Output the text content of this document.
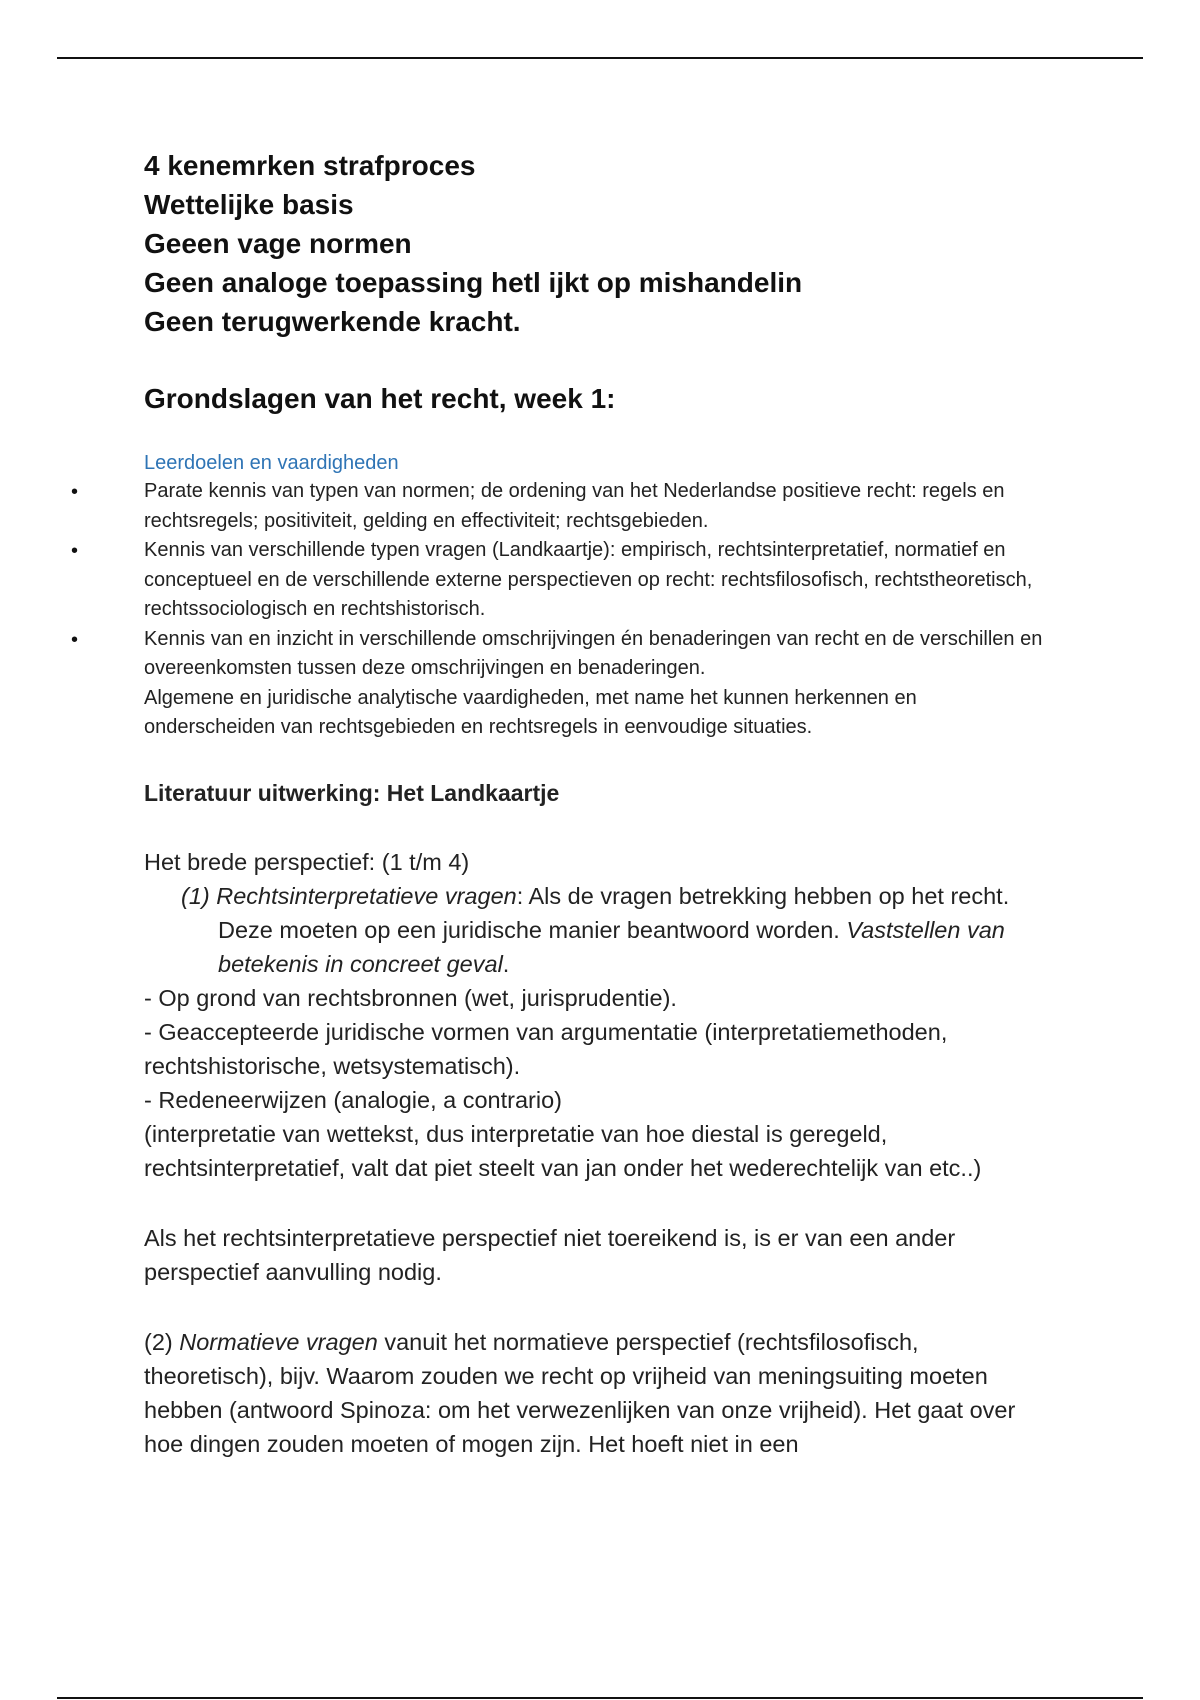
4 kenemrken strafproces
Wettelijke basis
Geeen vage normen
Geen analoge toepassing hetl ijkt op mishandelin
Geen terugwerkende kracht.
Grondslagen van het recht, week 1:
Leerdoelen en vaardigheden
•	Parate kennis van typen van normen; de ordening van het Nederlandse positieve recht: regels en rechtsregels; positiviteit, gelding en effectiviteit; rechtsgebieden.
•	Kennis van verschillende typen vragen (Landkaartje): empirisch, rechtsinterpretatief, normatief en conceptueel en de verschillende externe perspectieven op recht: rechtsfilosofisch, rechtstheoretisch, rechtssociologisch en rechtshistorisch.
•	Kennis van en inzicht in verschillende omschrijvingen én benaderingen van recht en de verschillen en overeenkomsten tussen deze omschrijvingen en benaderingen.
Algemene en juridische analytische vaardigheden, met name het kunnen herkennen en onderscheiden van rechtsgebieden en rechtsregels in eenvoudige situaties.
Literatuur uitwerking: Het Landkaartje
Het brede perspectief: (1 t/m 4)
(1) Rechtsinterpretatieve vragen: Als de vragen betrekking hebben op het recht. Deze moeten op een juridische manier beantwoord worden. Vaststellen van betekenis in concreet geval.
- Op grond van rechtsbronnen (wet, jurisprudentie).
- Geaccepteerde juridische vormen van argumentatie (interpretatiemethoden, rechtshistorische, wetsystematisch).
- Redeneerwijzen (analogie, a contrario)
(interpretatie van wettekst, dus interpretatie van hoe diestal is geregeld, rechtsinterpretatief, valt dat piet steelt van jan onder het wederechtelijk van etc..)
Als het rechtsinterpretatieve perspectief niet toereikend is, is er van een ander perspectief aanvulling nodig.
(2) Normatieve vragen vanuit het normatieve perspectief (rechtsfilosofisch, theoretisch), bijv. Waarom zouden we recht op vrijheid van meningsuiting moeten hebben (antwoord Spinoza: om het verwezenlijken van onze vrijheid). Het gaat over hoe dingen zouden moeten of mogen zijn. Het hoeft niet in een
